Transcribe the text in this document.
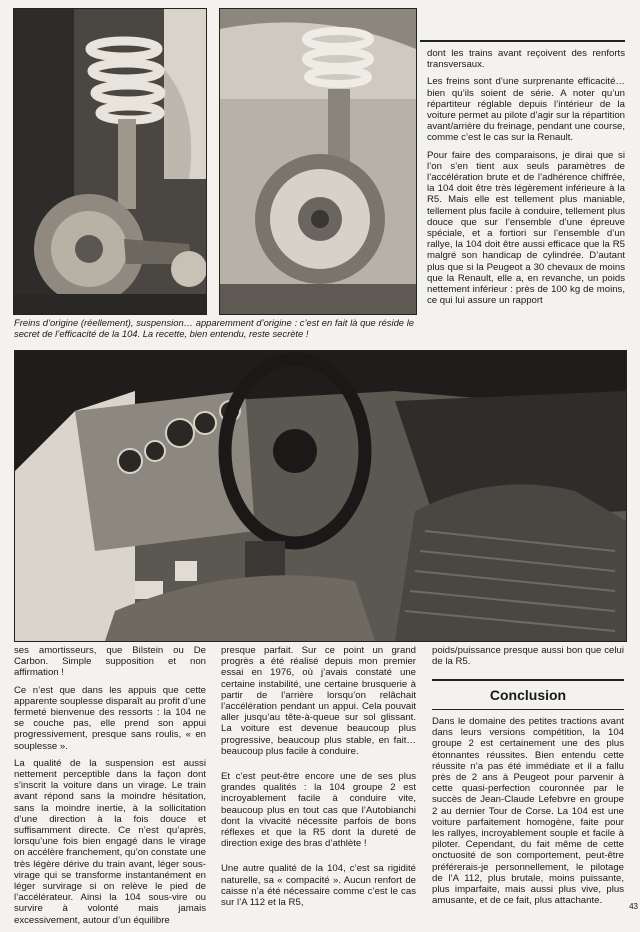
dont les trains avant reçoivent des renforts transversaux.

Les freins sont d’une surprenante efficacité… bien qu’ils soient de série. A noter qu’un répartiteur réglable depuis l’intérieur de la voiture permet au pilote d’agir sur la répartition avant/arrière du freinage, pendant une course, comme c’est le cas sur la Renault.

Pour faire des comparaisons, je dirai que si l’on s’en tient aux seuls paramètres de l’accélération brute et de l’adhérence chiffrée, la 104 doit être très légèrement inférieure à la R5. Mais elle est tellement plus maniable, tellement plus facile à conduire, tellement plus douce que sur l’ensemble d’une épreuve spéciale, et a fortiori sur l’ensemble d’un rallye, la 104 doit être aussi efficace que la R5 malgré son handicap de cylindrée. D’autant plus que si la Peugeot a 30 chevaux de moins que la Renault, elle a, en revanche, un poids nettement inférieur : près de 100 kg de moins, ce qui lui assure un rapport

Freins d’origine (réellement), suspension… apparemment d’origine : c’est en fait là que réside le secret de l’efficacité de la 104. La recette, bien entendu, reste secrète !

ses amortisseurs, que Bilstein ou De Carbon. Simple supposition et non affirmation !

Ce n’est que dans les appuis que cette apparente souplesse disparaît au profit d’une fermeté bienvenue des ressorts : la 104 ne se couche pas, elle prend son appui progressivement, presque sans roulis, « en souplesse ».

La qualité de la suspension est aussi nettement perceptible dans la façon dont s’inscrit la voiture dans un virage. Le train avant répond sans la moindre hésitation, sans la moindre inertie, à la sollicitation d’une direction à la fois douce et suffisamment directe. Ce n’est qu’après, lorsqu’une fois bien engagé dans le virage on accélère franchement, qu’on constate une très légère dérive du train avant, léger sous-virage qui se transforme instantanément en léger survirage si on relève le pied de l’accélérateur. Ainsi la 104 sous-vire ou survire à volonté mais jamais excessivement, autour d’un équilibre

presque parfait. Sur ce point un grand progrès a été réalisé depuis mon premier essai en 1976, où j’avais constaté une certaine instabilité, une certaine brusquerie à partir de l’arrière lorsqu’on relâchait l’accélération pendant un appui. Cela pouvait aller jusqu’au tête-à-queue sur sol glissant. La voiture est devenue beaucoup plus progressive, beaucoup plus stable, en fait… beaucoup plus facile à conduire.

Et c’est peut-être encore une de ses plus grandes qualités : la 104 groupe 2 est incroyablement facile à conduire vite, beaucoup plus en tout cas que l’Autobianchi dont la vivacité nécessite parfois de bons réflexes et que la R5 dont la dureté de direction exige des bras d’athlète !

Une autre qualité de la 104, c’est sa rigidité naturelle, sa « compacité ». Aucun renfort de caisse n’a été nécessaire comme c’est le cas sur l’A 112 et la R5,

poids/puissance presque aussi bon que celui de la R5.

Conclusion

Dans le domaine des petites tractions avant dans leurs versions compétition, la 104 groupe 2 est certainement une des plus étonnantes réussites. Bien entendu cette réussite n’a pas été immédiate et il a fallu près de 2 ans à Peugeot pour parvenir à cette quasi-perfection couronnée par le succès de Jean-Claude Lefebvre en groupe 2 au dernier Tour de Corse. La 104 est une voiture parfaitement homogène, faite pour les rallyes, incroyablement souple et facile à piloter. Cependant, du fait même de cette onctuosité de son comportement, peut-être préférerais-je personnellement, le pilotage de l’A 112, plus brutale, moins puissante, plus imparfaite, mais aussi plus vive, plus amusante, et de ce fait, plus attachante.

43
